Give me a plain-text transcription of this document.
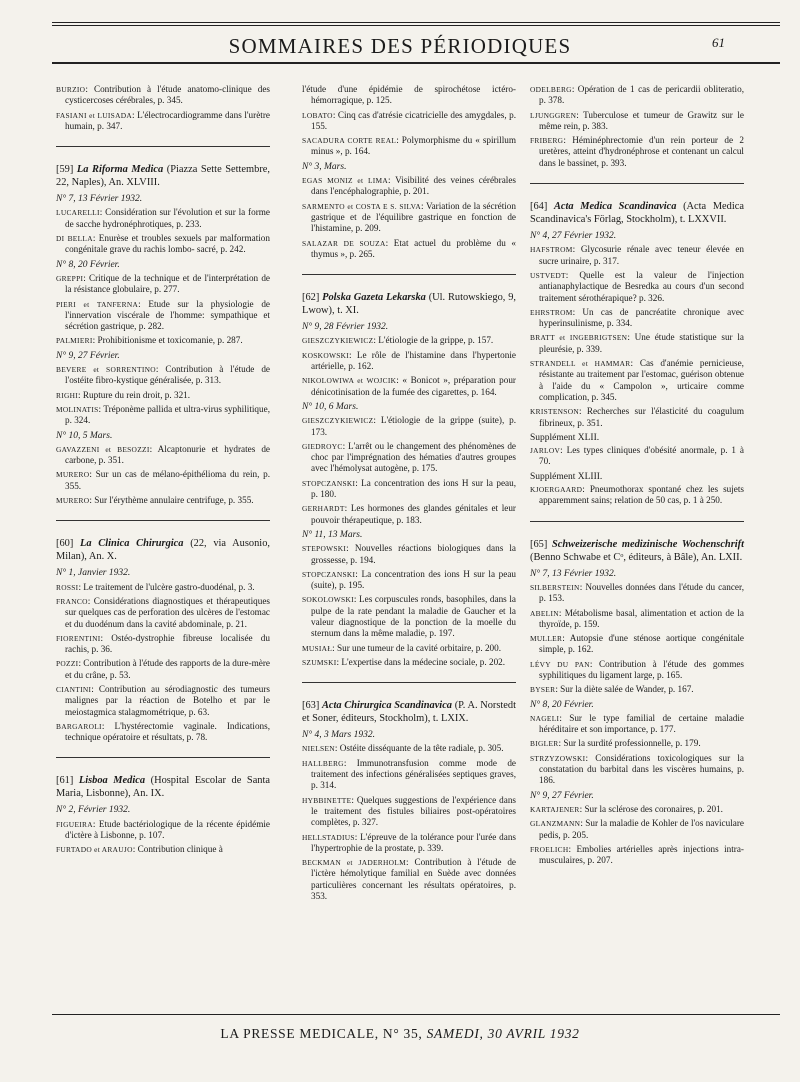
SOMMAIRES DES PÉRIODIQUES	61
BURZIO: Contribution à l'étude anatomo-clinique des cysticercoses cérébrales, p. 345.
FASIANI et LUISADA: L'électrocardiogramme dans l'urètre humain, p. 347.
[59] La Riforma Medica (Piazza Sette Settembre, 22, Naples), An. XLVIII.
N° 7, 13 Février 1932.
LUCARELLI: Considération sur l'évolution et sur la forme de sacche hydronéphrotiques, p. 233.
DI BELLA: Enurèse et troubles sexuels par malformation congénitale grave du rachis lombo- sacré, p. 242.
N° 8, 20 Février.
GREPPI: Critique de la technique et de l'interprétation de la résistance globulaire, p. 277.
PIERI et TANFERNA: Etude sur la physiologie de l'innervation viscérale de l'homme: sympathique et sécrétion gastrique, p. 282.
PALMIERI: Prohibitionisme et toxicomanie, p. 287.
N° 9, 27 Février.
BEVERE et SORRENTINO: Contribution à l'étude de l'ostéite fibro-kystique généralisée, p. 313.
RIGHI: Rupture du rein droit, p. 321.
MOLINATIS: Tréponème pallida et ultra-virus syphilitique, p. 324.
N° 10, 5 Mars.
GAVAZZENI et BESOZZI: Alcaptonurie et hydrates de carbone, p. 351.
MURERO: Sur un cas de mélano-épithélioma du rein, p. 355.
MURERO: Sur l'érythème annulaire centrifuge, p. 355.
[60] La Clinica Chirurgica (22, via Ausonio, Milan), An. X.
N° 1, Janvier 1932.
ROSSI: Le traitement de l'ulcère gastro-duodénal, p. 3.
FRANCO: Considérations diagnostiques et thérapeutiques sur quelques cas de perforation des ulcères de l'estomac et du duodénum dans la cavité abdominale, p. 21.
FIORENTINI: Ostéo-dystrophie fibreuse localisée du rachis, p. 36.
POZZI: Contribution à l'étude des rapports de la dure-mère et du crâne, p. 53.
CIANTINI: Contribution au sérodiagnostic des tumeurs malignes par la réaction de Botelho et par le meiostagmica stalagmométrique, p. 63.
BARGAROLI: L'hystérectomie vaginale. Indications, technique opératoire et résultats, p. 78.
[61] Lisboa Medica (Hospital Escolar de Santa Maria, Lisbonne), An. IX.
N° 2, Février 1932.
FIGUEIRA: Etude bactériologique de la récente épidémie d'ictère à Lisbonne, p. 107.
FURTADO et ARAUJO: Contribution clinique à
l'étude d'une épidémie de spirochétose ictéro-hémorragique, p. 125.
LOBATO: Cinq cas d'atrésie cicatricielle des amygdales, p. 155.
SACADURA CORTE REAL: Polymorphisme du « spirillum minus », p. 164.
N° 3, Mars.
EGAS MONIZ et LIMA: Visibilité des veines cérébrales dans l'encéphalographie, p. 201.
SARMENTO et COSTA E S. SILVA: Variation de la sécrétion gastrique et de l'équilibre gastrique en fonction de l'histamine, p. 209.
SALAZAR DE SOUZA: Etat actuel du problème du « thymus », p. 265.
[62] Polska Gazeta Lekarska (Ul. Rutowskiego, 9, Lwow), t. XI.
N° 9, 28 Février 1932.
GIESZCZYKIEWICZ: L'étiologie de la grippe, p. 157.
KOSKOWSKI: Le rôle de l'histamine dans l'hypertonie artérielle, p. 162.
NIKOLOWIWA et WOJCIK: « Bonicot », préparation pour dénicotinisation de la fumée des cigarettes, p. 164.
N° 10, 6 Mars.
GIESZCZYKIEWICZ: L'étiologie de la grippe (suite), p. 173.
GIEDROYC: L'arrêt ou le changement des phénomènes de choc par l'imprégnation des hématies d'autres groupes avec l'hémolysat autogène, p. 175.
STOPCZANSKI: La concentration des ions H sur la peau, p. 180.
GERHARDT: Les hormones des glandes génitales et leur pouvoir thérapeutique, p. 183.
N° 11, 13 Mars.
STEPOWSKI: Nouvelles réactions biologiques dans la grossesse, p. 194.
STOPCZANSKI: La concentration des ions H sur la peau (suite), p. 195.
SOKOLOWSKI: Les corpuscules ronds, basophiles, dans la pulpe de la rate pendant la maladie de Gaucher et la valeur diagnostique de la ponction de la moelle du sternum dans la même maladie, p. 197.
MUSIAŁ: Sur une tumeur de la cavité orbitaire, p. 200.
SZUMSKI: L'expertise dans la médecine sociale, p. 202.
[63] Acta Chirurgica Scandinavica (P. A. Norstedt et Soner, éditeurs, Stockholm), t. LXIX.
N° 4, 3 Mars 1932.
NIELSEN: Ostéite disséquante de la tête radiale, p. 305.
HALLBERG: Immunotransfusion comme mode de traitement des infections généralisées septiques graves, p. 314.
HYBBINETTE: Quelques suggestions de l'expérience dans le traitement des fistules biliaires post-opératoires complètes, p. 327.
HELLSTADIUS: L'épreuve de la tolérance pour l'urée dans l'hypertrophie de la prostate, p. 339.
BECKMAN et JADERHOLM: Contribution à l'étude de l'ictère hémolytique familial en Suède avec données particulières concernant les résultats opératoires, p. 353.
ODELBERG: Opération de 1 cas de pericardii obliteratio, p. 378.
LJUNGGREN: Tuberculose et tumeur de Grawitz sur le même rein, p. 383.
FRIBERG: Héminéphrectomie d'un rein porteur de 2 uretères, atteint d'hydronéphrose et contenant un calcul dans le bassinet, p. 393.
[64] Acta Medica Scandinavica (Acta Medica Scandinavica's Förlag, Stockholm), t. LXXVII.
N° 4, 27 Février 1932.
HAFSTROM: Glycosurie rénale avec teneur élevée en sucre urinaire, p. 317.
USTVEDT: Quelle est la valeur de l'injection antianaphylactique de Besredka au cours d'un second traitement sérothérapique? p. 326.
EHRSTROM: Un cas de pancréatite chronique avec hyperinsulinisme, p. 334.
BRATT et INGEBRIGTSEN: Une étude statistique sur la pleurésie, p. 339.
STRANDELL et HAMMAR: Cas d'anémie pernicieuse, résistante au traitement par l'estomac, guérison obtenue à l'aide du « Campolon », urticaire comme complication, p. 345.
KRISTENSON: Recherches sur l'élasticité du coagulum fibrineux, p. 351.
Supplément XLII.
JARLOV: Les types cliniques d'obésité anormale, p. 1 à 70.
Supplément XLIII.
KJOERGAARD: Pneumothorax spontané chez les sujets apparemment sains; relation de 50 cas, p. 1 à 250.
[65] Schweizerische medizinische Wochenschrift (Benno Schwabe et Cᵒ, éditeurs, à Bâle), An. LXII.
N° 7, 13 Février 1932.
SILBERSTEIN: Nouvelles données dans l'étude du cancer, p. 153.
ABELIN: Métabolisme basal, alimentation et action de la thyroïde, p. 159.
MULLER: Autopsie d'une sténose aortique congénitale simple, p. 162.
LÉVY DU PAN: Contribution à l'étude des gommes syphilitiques du ligament large, p. 165.
BYSER: Sur la diète salée de Wander, p. 167.
N° 8, 20 Février.
NAGELI: Sur le type familial de certaine maladie héréditaire et son importance, p. 177.
BIGLER: Sur la surdité professionnelle, p. 179.
STRZYZOWSKI: Considérations toxicologiques sur la constatation du barbital dans les viscères humains, p. 186.
N° 9, 27 Février.
KARTAJENER: Sur la sclérose des coronaires, p. 201.
GLANZMANN: Sur la maladie de Kohler de l'os naviculare pedis, p. 205.
FROELICH: Embolies artérielles après injections intra-musculaires, p. 207.
LA PRESSE MEDICALE, N° 35, SAMEDI, 30 AVRIL 1932
